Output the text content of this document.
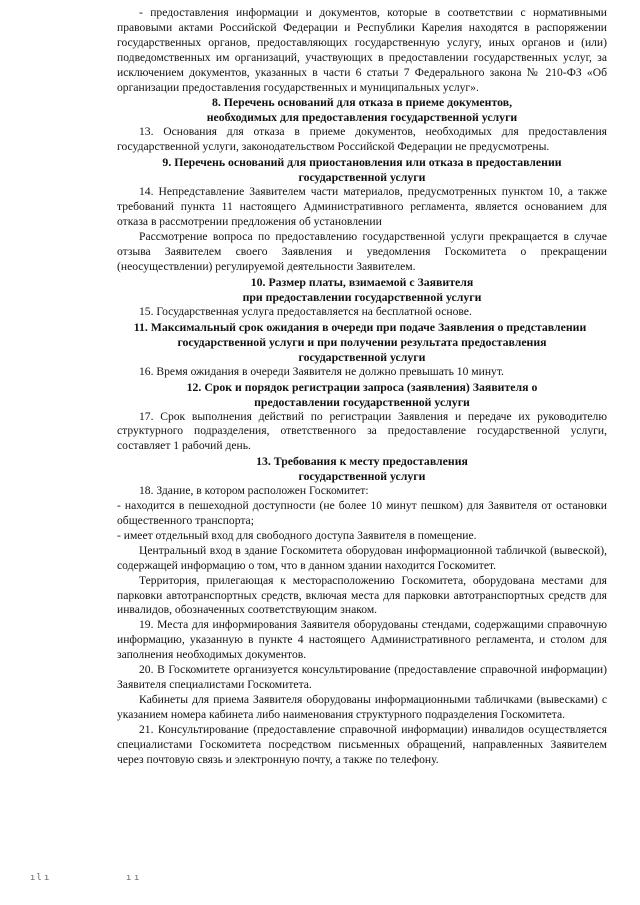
- предоставления информации и документов, которые в соответствии с нормативными правовыми актами Российской Федерации и Республики Карелия находятся в распоряжении государственных органов, предоставляющих государственную услугу, иных органов и (или) подведомственных им организаций, участвующих в предоставлении государственных услуг, за исключением документов, указанных в части 6 статьи 7 Федерального закона № 210-ФЗ «Об организации предоставления государственных и муниципальных услуг».

8. Перечень оснований для отказа в приеме документов,

необходимых для предоставления государственной услуги

13. Основания для отказа в приеме документов, необходимых для предоставления государственной услуги, законодательством Российской Федерации не предусмотрены.

9. Перечень оснований для приостановления или отказа в предоставлении

государственной услуги

14. Непредставление Заявителем части материалов, предусмотренных пунктом 10, а также требований пункта 11 настоящего Административного регламента, является основанием для отказа в рассмотрении предложения об установлении

Рассмотрение вопроса по предоставлению государственной услуги прекращается в случае отзыва Заявителем своего Заявления и уведомления Госкомитета о прекращении (неосуществлении) регулируемой деятельности Заявителем.

10. Размер платы, взимаемой с Заявителя

при предоставлении государственной услуги

15. Государственная услуга предоставляется на бесплатной основе.

11. Максимальный срок ожидания в очереди при подаче Заявления о представлении

государственной услуги и при получении результата предоставления

государственной услуги

16. Время ожидания в очереди Заявителя не должно превышать 10 минут.

12. Срок и порядок регистрации запроса (заявления) Заявителя о

предоставлении государственной услуги

17. Срок выполнения действий по регистрации Заявления и передаче их руководителю структурного подразделения, ответственного за предоставление государственной услуги, составляет 1 рабочий день.

13. Требования к месту предоставления

государственной услуги

18. Здание, в котором расположен Госкомитет:

- находится в пешеходной доступности (не более 10 минут пешком) для Заявителя от остановки общественного транспорта;

- имеет отдельный вход для свободного доступа Заявителя в помещение.

Центральный вход в здание Госкомитета оборудован информационной табличкой (вывеской), содержащей информацию о том, что в данном здании находится Госкомитет.

Территория, прилегающая к месторасположению Госкомитета, оборудована местами для парковки автотранспортных средств, включая места для парковки автотранспортных средств для инвалидов, обозначенных соответствующим знаком.

19. Места для информирования Заявителя оборудованы стендами, содержащими справочную информацию, указанную в пункте 4 настоящего Административного регламента, и столом для заполнения необходимых документов.

20. В Госкомитете организуется консультирование (предоставление справочной информации) Заявителя специалистами Госкомитета.

Кабинеты для приема Заявителя оборудованы информационными табличками (вывесками) с указанием номера кабинета либо наименования структурного подразделения Госкомитета.

21. Консультирование (предоставление справочной информации) инвалидов осуществляется специалистами Госкомитета посредством письменных обращений, направленных Заявителем через почтовую связь и электронную почту, а также по телефону.

ıl ı	ı ı
